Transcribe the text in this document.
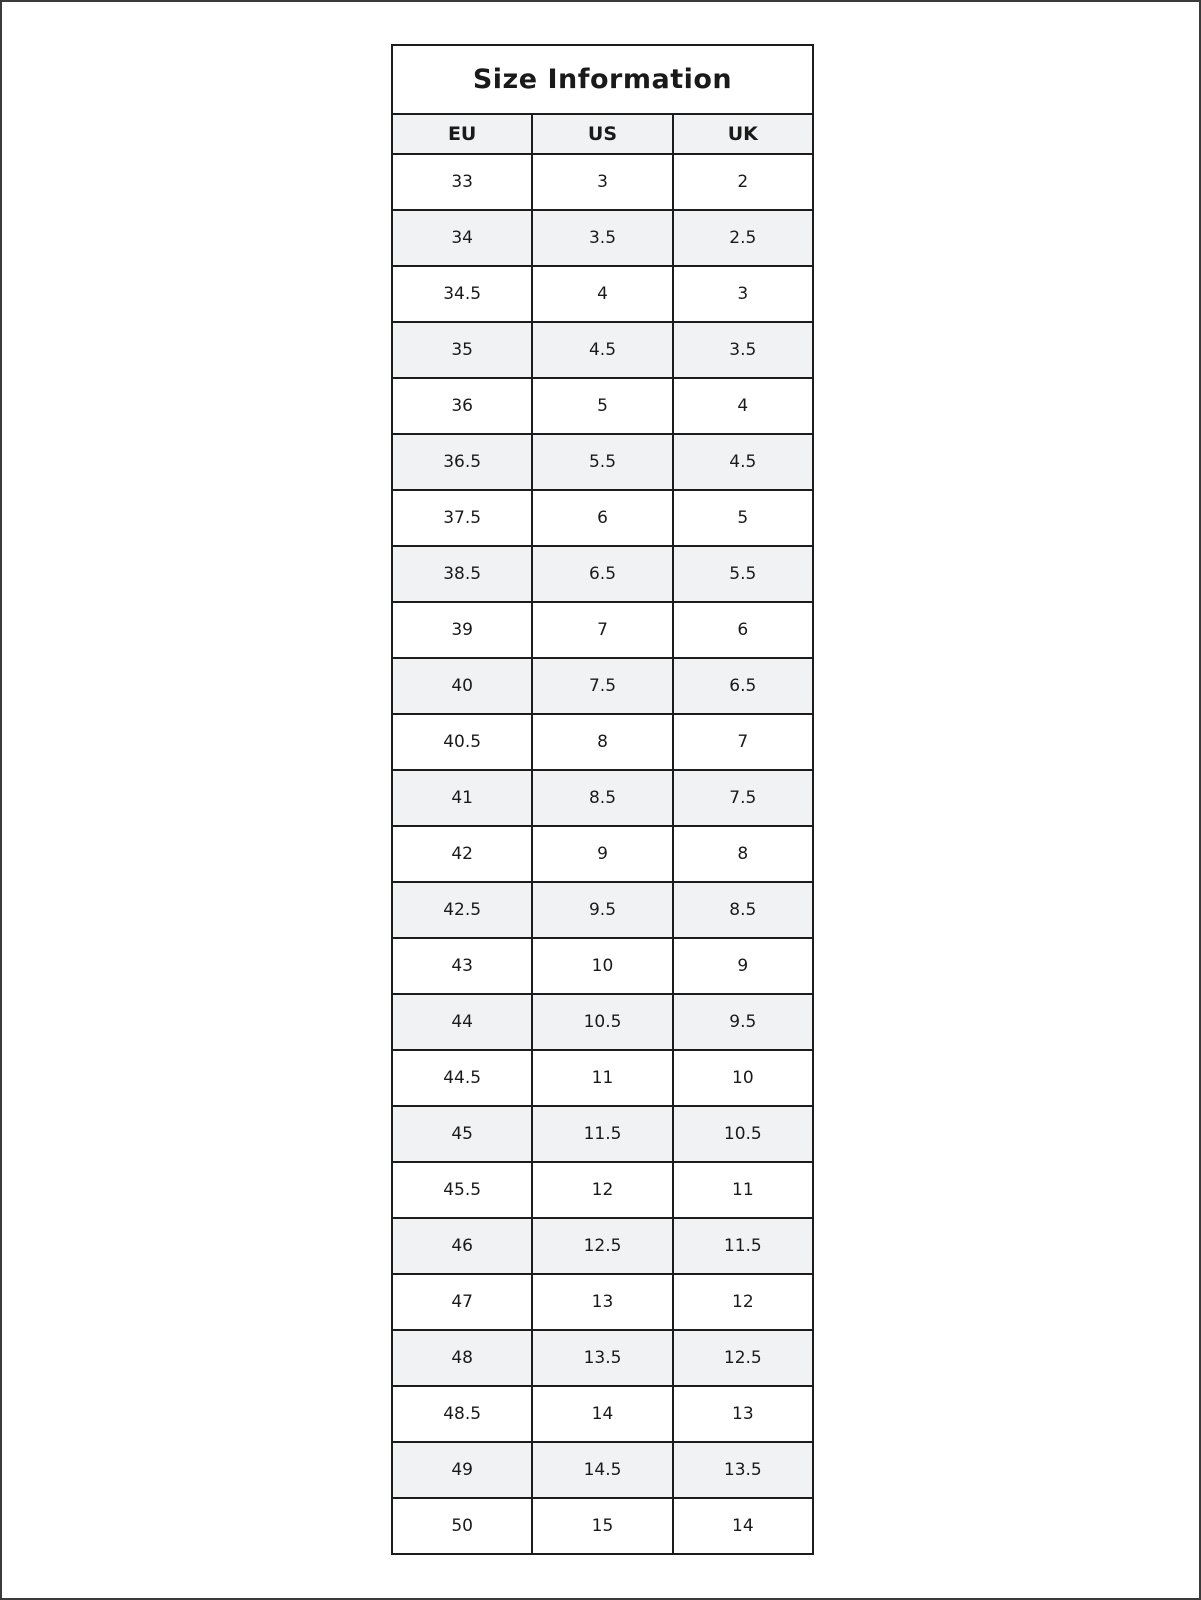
Size Information		
EU	US	UK
33	3	2
34	3.5	2.5
34.5	4	3
35	4.5	3.5
36	5	4
36.5	5.5	4.5
37.5	6	5
38.5	6.5	5.5
39	7	6
40	7.5	6.5
40.5	8	7
41	8.5	7.5
42	9	8
42.5	9.5	8.5
43	10	9
44	10.5	9.5
44.5	11	10
45	11.5	10.5
45.5	12	11
46	12.5	11.5
47	13	12
48	13.5	12.5
48.5	14	13
49	14.5	13.5
50	15	14
